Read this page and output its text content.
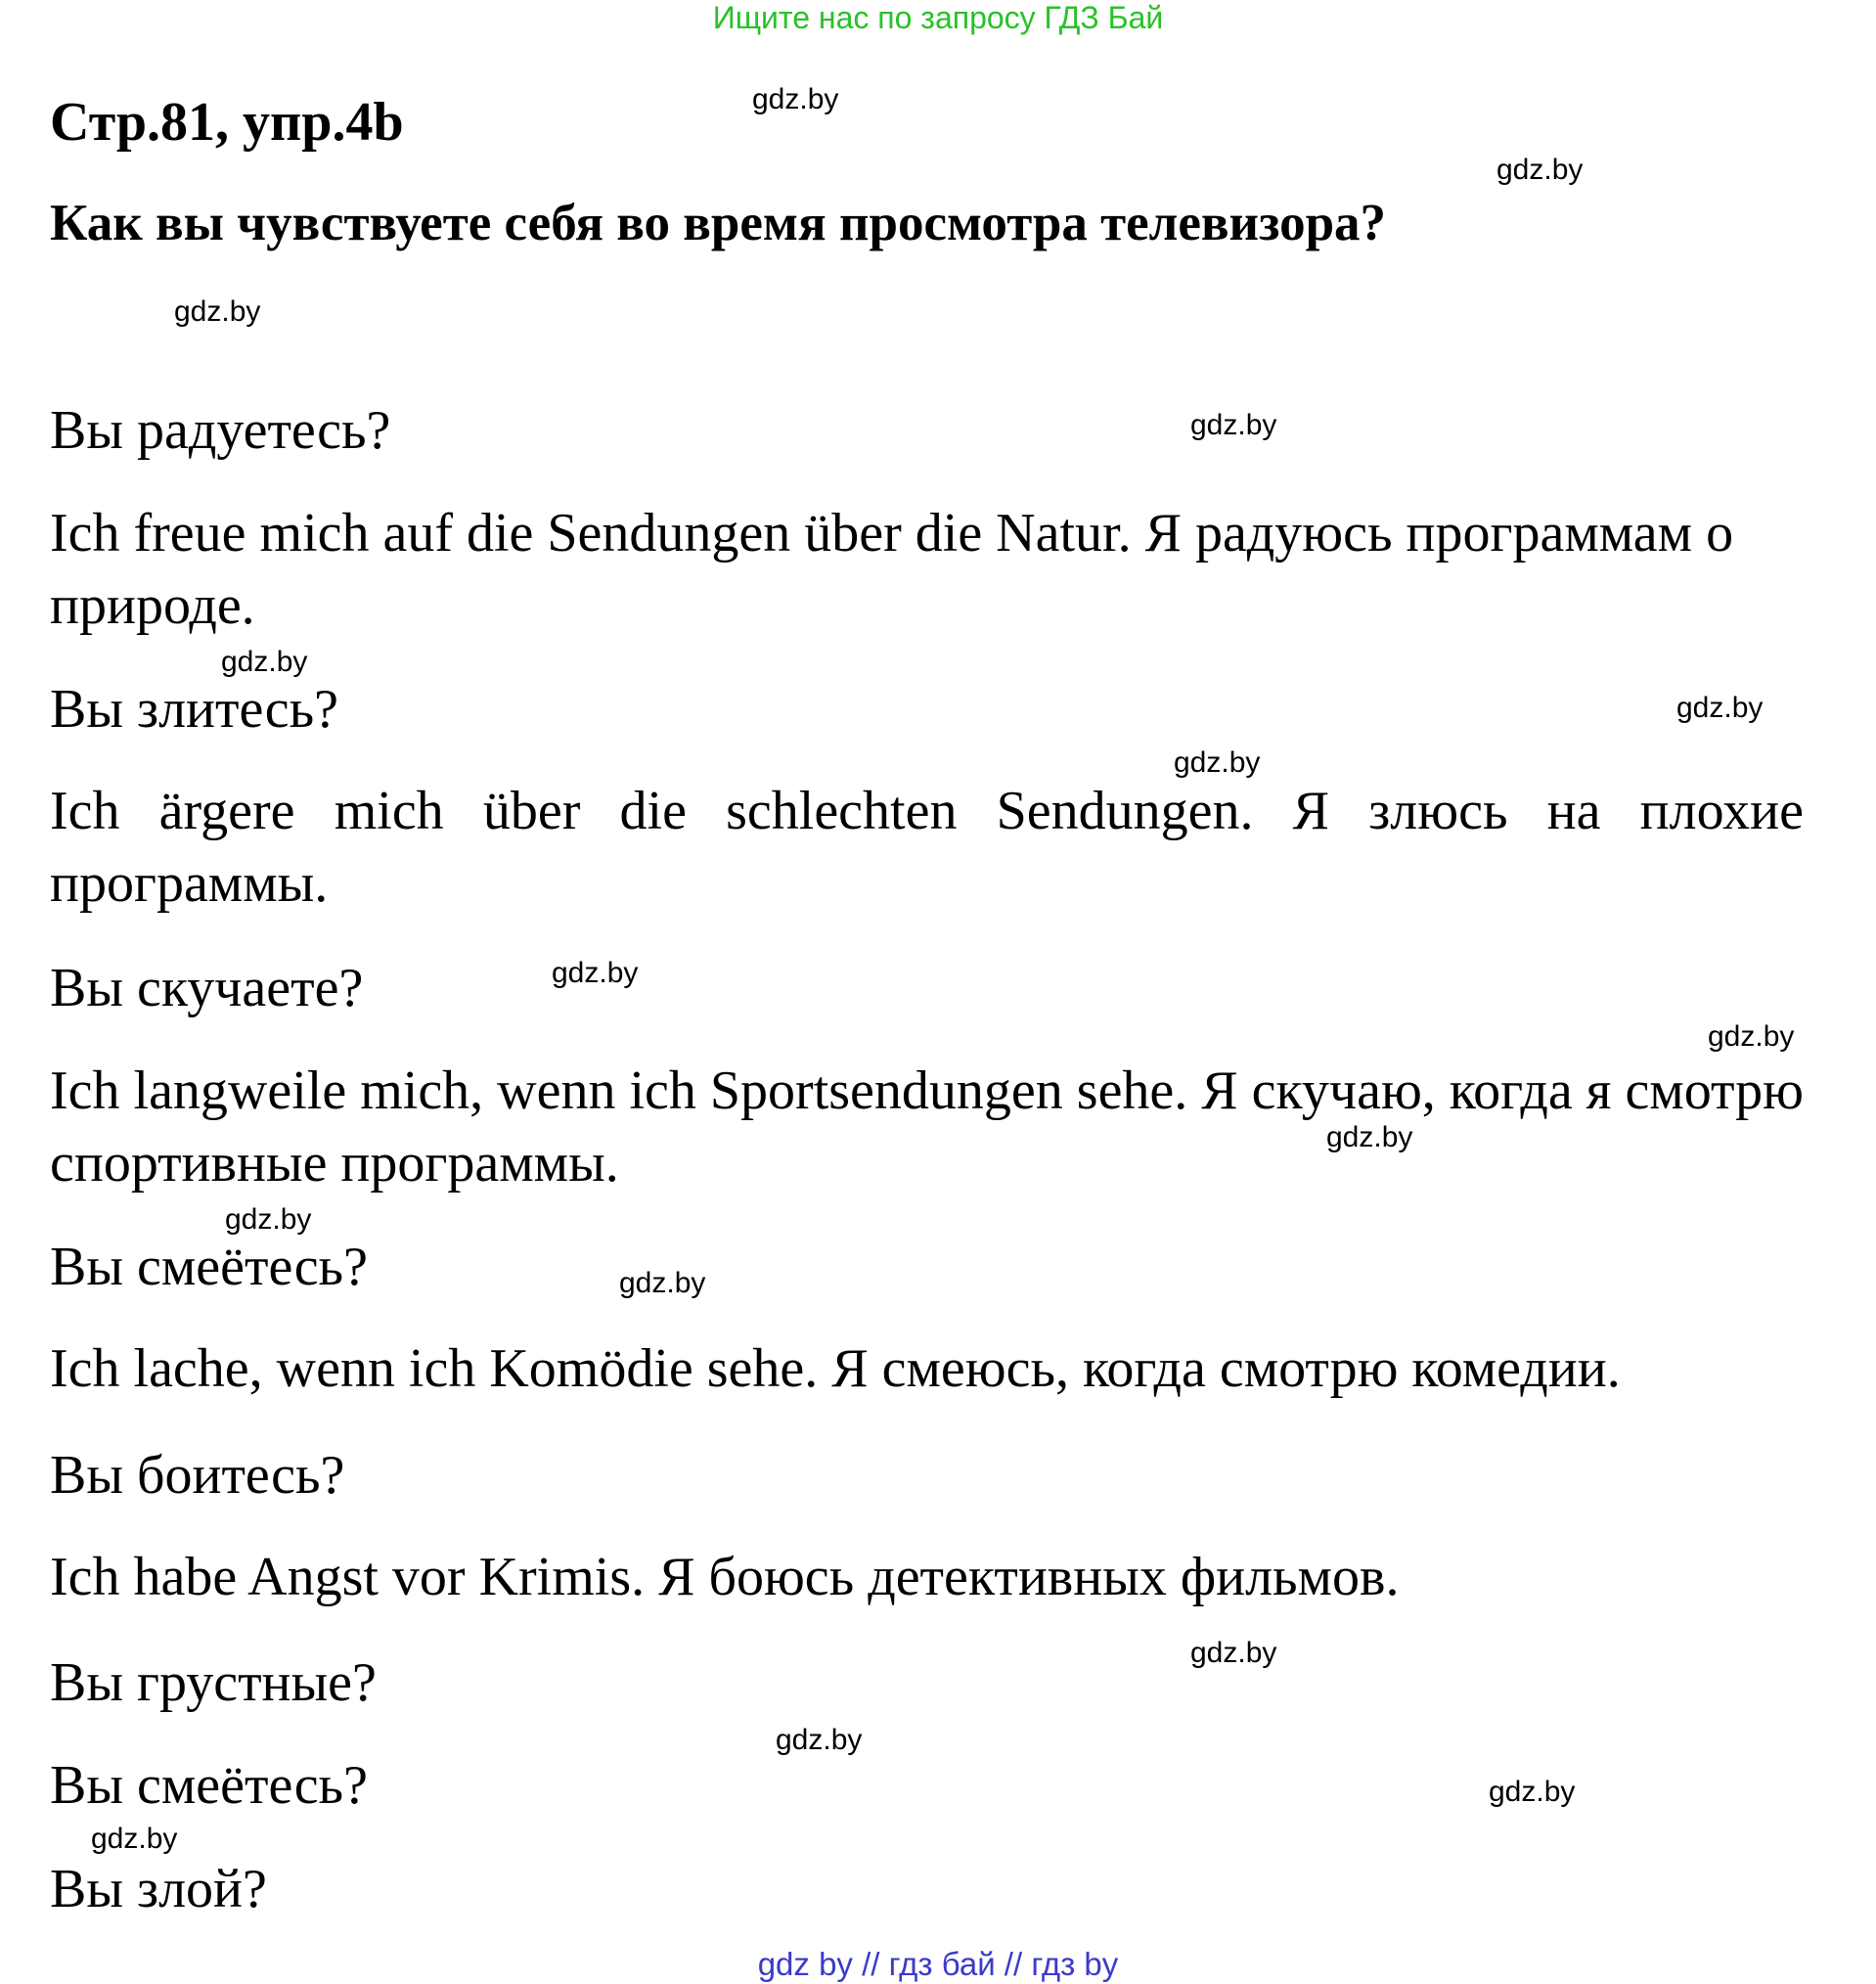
Ищите нас по запросу ГДЗ Бай
Стр.81, упр.4b
Как вы чувствуете себя во время просмотра телевизора?

Вы радуетесь?

Ich freue mich auf die Sendungen über die Natur. Я радуюсь программам о природе.

Вы злитесь?

Ich ärgere mich über die schlechten Sendungen. Я злюсь на плохие программы.

Вы скучаете?

Ich langweile mich, wenn ich Sportsendungen sehe. Я скучаю, когда я смотрю спортивные программы.

Вы смеётесь?

Ich lache, wenn ich Komödie sehe. Я смеюсь, когда смотрю комедии.

Вы боитесь?

Ich habe Angst vor Krimis. Я боюсь детективных фильмов.

Вы грустные?

Вы смеётесь?

Вы злой?

gdz.by
gdz.by
gdz.by
gdz.by
gdz.by
gdz.by
gdz.by
gdz.by
gdz.by
gdz.by
gdz.by
gdz.by
gdz.by
gdz.by
gdz.by
gdz.by
gdz by // гдз бай // гдз by
